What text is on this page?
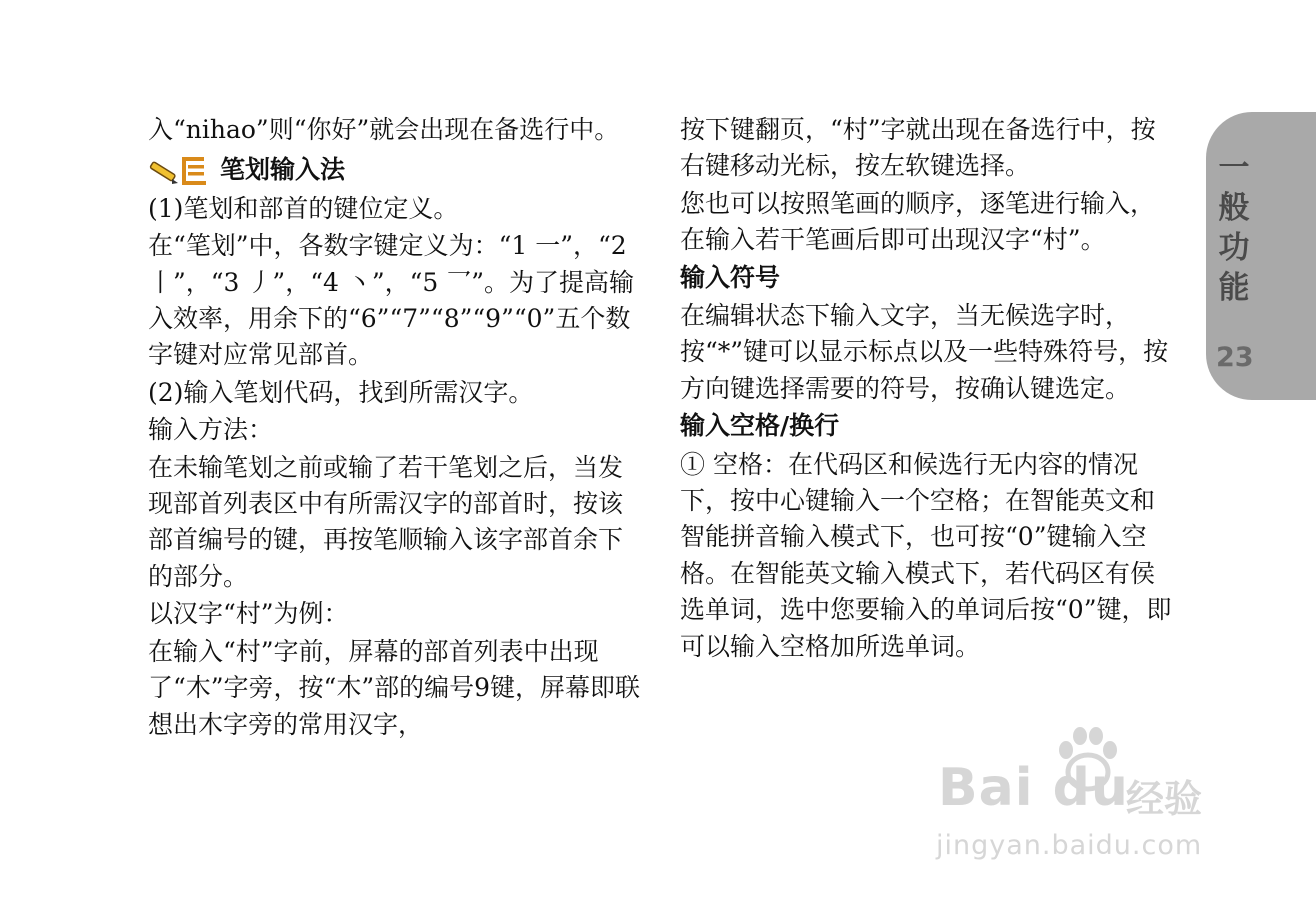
入“nihao”则“你好”就会出现在备选行中。

笔划输入法

(1)笔划和部首的键位定义。

在“笔划”中，各数字键定义为：“1 一”，“2 丨”，“3 丿”，“4 丶”，“5 乛”。为了提高输入效率，用余下的“6”“7”“8”“9”“0”五个数字键对应常见部首。

(2)输入笔划代码，找到所需汉字。

输入方法：

在未输笔划之前或输了若干笔划之后，当发现部首列表区中有所需汉字的部首时，按该部首编号的键，再按笔顺输入该字部首余下的部分。

以汉字“村”为例：

在输入“村”字前，屏幕的部首列表中出现了“木”字旁，按“木”部的编号9键，屏幕即联想出木字旁的常用汉字，

按下键翻页，“村”字就出现在备选行中，按右键移动光标，按左软键选择。

您也可以按照笔画的顺序，逐笔进行输入，在输入若干笔画后即可出现汉字“村”。

输入符号

在编辑状态下输入文字，当无候选字时，按“*”键可以显示标点以及一些特殊符号，按方向键选择需要的符号，按确认键选定。

输入空格/换行

① 空格：在代码区和候选行无内容的情况下，按中心键输入一个空格；在智能英文和智能拼音输入模式下，也可按“0”键输入空格。在智能英文输入模式下，若代码区有侯选单词，选中您要输入的单词后按“0”键，即可以输入空格加所选单词。

一
般
功
能
23
Bai du
经验
jingyan.baidu.com
